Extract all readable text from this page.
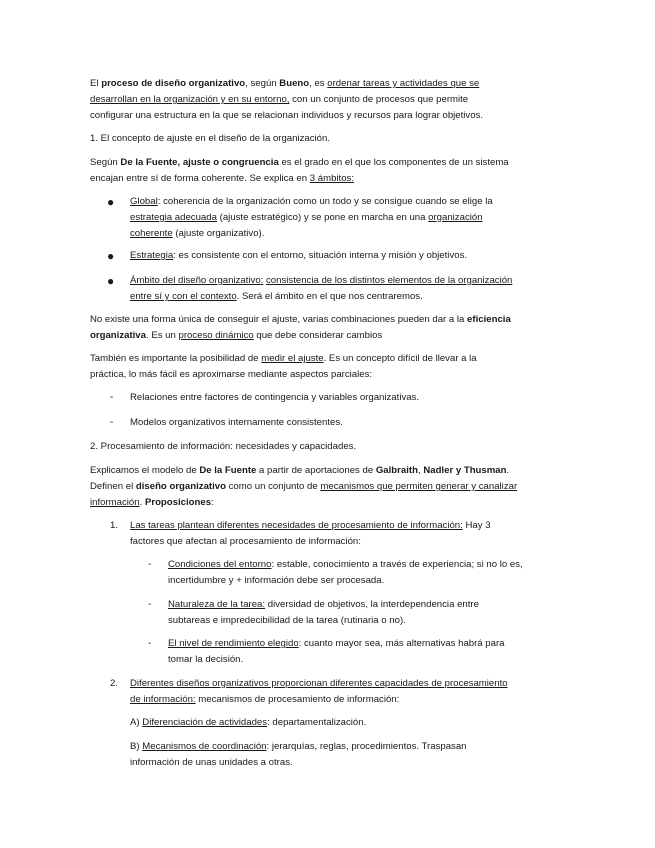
El proceso de diseño organizativo, según Bueno, es ordenar tareas y actividades que se
desarrollan en la organización y en su entorno, con un conjunto de procesos que permite
configurar una estructura en la que se relacionan individuos y recursos para lograr objetivos.

1. El concepto de ajuste en el diseño de la organización.

Según De la Fuente, ajuste o congruencia es el grado en el que los componentes de un sistema
encajan entre sí de forma coherente. Se explica en 3 ámbitos:

● Global: coherencia de la organización como un todo y se consigue cuando se elige la
estrategia adecuada (ajuste estratégico) y se pone en marcha en una organización
coherente (ajuste organizativo).

● Estrategia: es consistente con el entorno, situación interna y misión y objetivos.

● Ámbito del diseño organizativo: consistencia de los distintos elementos de la organización
entre sí y con el contexto. Será el ámbito en el que nos centraremos.

No existe una forma única de conseguir el ajuste, varias combinaciones pueden dar a la eficiencia
organizativa. Es un proceso dinámico que debe considerar cambios

También es importante la posibilidad de medir el ajuste. Es un concepto difícil de llevar a la
práctica, lo más fácil es aproximarse mediante aspectos parciales:

- Relaciones entre factores de contingencia y variables organizativas.

- Modelos organizativos internamente consistentes.

2. Procesamiento de información: necesidades y capacidades.

Explicamos el modelo de De la Fuente a partir de aportaciones de Galbraith, Nadler y Thusman.
Definen el diseño organizativo como un conjunto de mecanismos que permiten generar y canalizar
información. Proposiciones:

1. Las tareas plantean diferentes necesidades de procesamiento de información: Hay 3
factores que afectan al procesamiento de información:

- Condiciones del entorno: estable, conocimiento a través de experiencia; si no lo es,
incertidumbre y + información debe ser procesada.

- Naturaleza de la tarea: diversidad de objetivos, la interdependencia entre
subtareas e impredecibilidad de la tarea (rutinaria o no).

- El nivel de rendimiento elegido: cuanto mayor sea, más alternativas habrá para
tomar la decisión.

2. Diferentes diseños organizativos proporcionan diferentes capacidades de procesamiento
de información: mecanismos de procesamiento de información:

A) Diferenciación de actividades: departamentalización.

B) Mecanismos de coordinación: jerarquías, reglas, procedimientos. Traspasan
información de unas unidades a otras.
